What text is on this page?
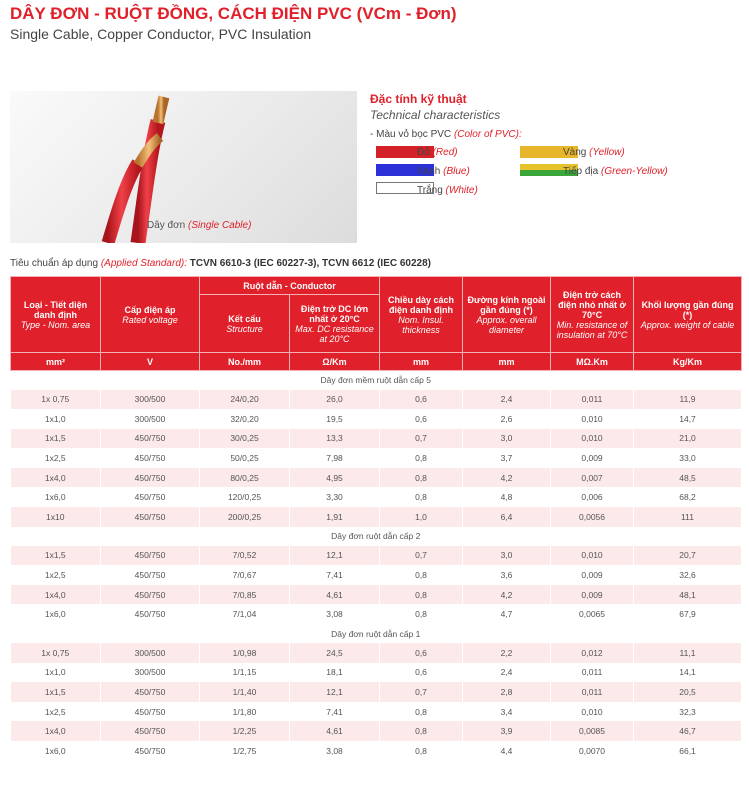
DÂY ĐƠN - RUỘT ĐỒNG, CÁCH ĐIỆN PVC (VCm - Đơn)
Single Cable, Copper Conductor, PVC Insulation
Dây đơn (Single Cable)
Đặc tính kỹ thuật
Technical characteristics
- Màu vỏ bọc PVC (Color of PVC):
Đỏ (Red)
Xanh (Blue)
Trắng (White)
Vàng (Yellow)
Tiếp địa (Green-Yellow)
Tiêu chuẩn áp dụng (Applied Standard): TCVN 6610-3 (IEC 60227-3), TCVN 6612 (IEC 60228)
Loại - Tiết diện danh định
Type - Nom. area	Cấp điện áp
Rated voltage	Ruột dẫn - Conductor		Chiều dày cách điện danh định
Nom. Insul. thickness	Đường kính ngoài gần đúng (*)
Approx. overall diameter	Điện trở cách điện nhỏ nhất ở 70°C
Min. resistance of insulation at 70°C	Khối lượng gần đúng (*)
Approx. weight of cable

		Kết cấu
Structure	Điện trở DC lớn nhất ở 20°C
Max. DC resistance at 20°C				

mm²	V	No./mm	Ω/Km	mm	mm	MΩ.Km	Kg/Km
Dây đơn mềm ruột dẫn cấp 5							
1x 0,75	300/500	24/0,20	26,0	0,6	2,4	0,011	11,9
1x1,0	300/500	32/0,20	19,5	0,6	2,6	0,010	14,7
1x1,5	450/750	30/0,25	13,3	0,7	3,0	0,010	21,0
1x2,5	450/750	50/0,25	7,98	0,8	3,7	0,009	33,0
1x4,0	450/750	80/0,25	4,95	0,8	4,2	0,007	48,5
1x6,0	450/750	120/0,25	3,30	0,8	4,8	0,006	68,2
1x10	450/750	200/0,25	1,91	1,0	6,4	0,0056	111
Dây đơn ruột dẫn cấp 2							
1x1,5	450/750	7/0,52	12,1	0,7	3,0	0,010	20,7
1x2,5	450/750	7/0,67	7,41	0,8	3,6	0,009	32,6
1x4,0	450/750	7/0,85	4,61	0,8	4,2	0,009	48,1
1x6,0	450/750	7/1,04	3,08	0,8	4,7	0,0065	67,9
Dây đơn ruột dẫn cấp 1							
1x 0,75	300/500	1/0,98	24,5	0,6	2,2	0,012	11,1
1x1,0	300/500	1/1,15	18,1	0,6	2,4	0,011	14,1
1x1,5	450/750	1/1,40	12,1	0,7	2,8	0,011	20,5
1x2,5	450/750	1/1,80	7,41	0,8	3,4	0,010	32,3
1x4,0	450/750	1/2,25	4,61	0,8	3,9	0,0085	46,7
1x6,0	450/750	1/2,75	3,08	0,8	4,4	0,0070	66,1
